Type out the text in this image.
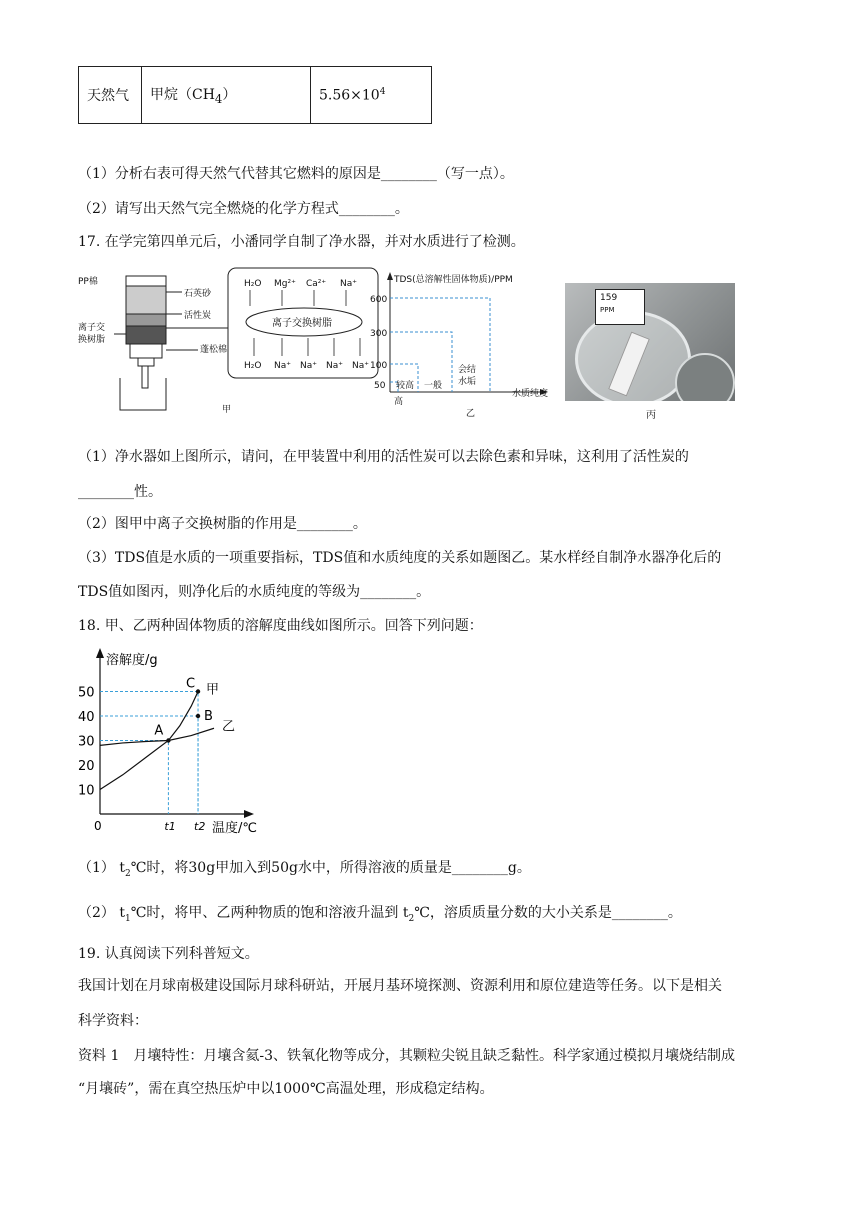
天然气	甲烷$(CH_4)$	$5.56\times 10^4$
（1）分析右表可得天然气代替其它燃料的原因是________（写一点）。
（2）请写出天然气完全燃烧的化学方程式________。
17. 在学完第四单元后，小潘同学自制了净水器，并对水质进行了检测。
PP棉
石英砂
活性炭
离子交
换树脂
蓬松棉
H₂O Mg²⁺ Ca²⁺ Na⁺
离子交换树脂
H₂O Na⁺ Na⁺ Na⁺ Na⁺
甲
TDS(总溶解性固体物质)/PPM
600
300
100
50 较高 一般
会结
水垢
高
水质纯度
乙
159
PPM
丙
（1）净水器如上图所示，请问，在甲装置中利用的活性炭可以去除色素和异味，这利用了活性炭的
________性。
（2）图甲中离子交换树脂的作用是________。
（3）TDS值是水质的一项重要指标，TDS值和水质纯度的关系如题图乙。某水样经自制净水器净化后的
TDS值如图丙，则净化后的水质纯度的等级为________。
18. 甲、乙两种固体物质的溶解度曲线如图所示。回答下列问题：
溶解度/g
温度/℃
0
10
20
30
40
50
t1 t2
甲
乙
A
B
C
（1） $t_2℃$时，将30g甲加入到50g水中，所得溶液的质量是________g。
（2） $t_1℃$时，将甲、乙两种物质的饱和溶液升温到 $t_2℃$，溶质质量分数的大小关系是________。
19. 认真阅读下列科普短文。
我国计划在月球南极建设国际月球科研站，开展月基环境探测、资源利用和原位建造等任务。以下是相关
科学资料：
资料 1　月壤特性：月壤含氦-3、铁氧化物等成分，其颗粒尖锐且缺乏黏性。科学家通过模拟月壤烧结制成
“月壤砖”，需在真空热压炉中以1000℃高温处理，形成稳定结构。
